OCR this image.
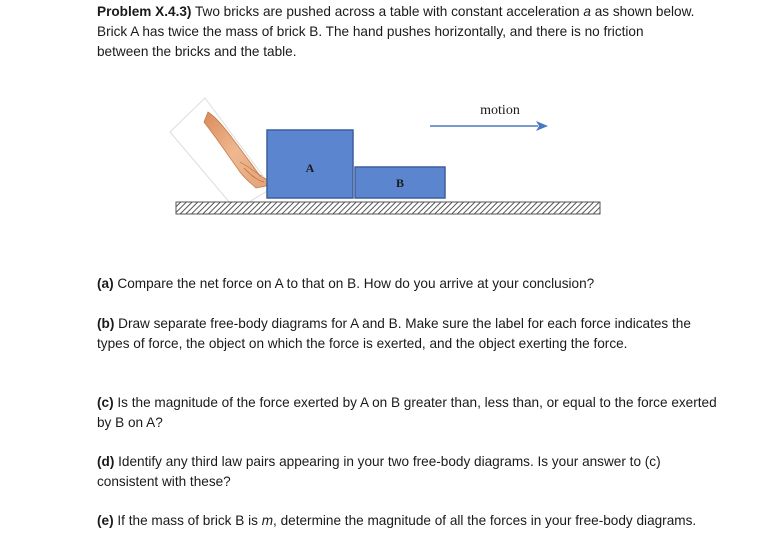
Problem X.4.3) Two bricks are pushed across a table with constant acceleration a as shown below. Brick A has twice the mass of brick B. The hand pushes horizontally, and there is no friction between the bricks and the table.

A
B
motion

(a) Compare the net force on A to that on B. How do you arrive at your conclusion?

(b) Draw separate free-body diagrams for A and B. Make sure the label for each force indicates the types of force, the object on which the force is exerted, and the object exerting the force.

(c) Is the magnitude of the force exerted by A on B greater than, less than, or equal to the force exerted by B on A?

(d) Identify any third law pairs appearing in your two free-body diagrams. Is your answer to (c) consistent with these?

(e) If the mass of brick B is m, determine the magnitude of all the forces in your free-body diagrams.
